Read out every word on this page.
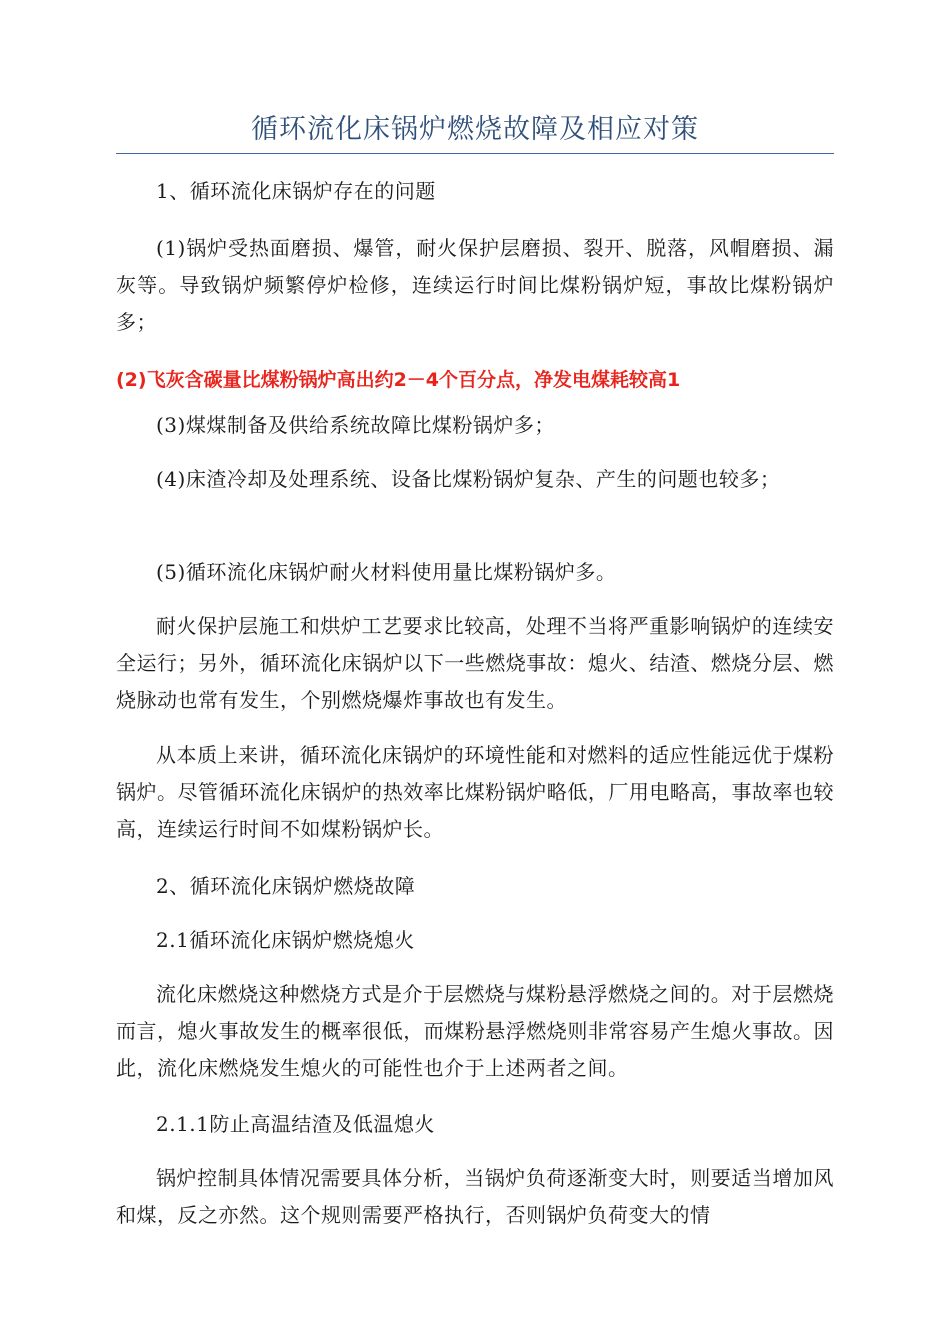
循环流化床锅炉燃烧故障及相应对策
1、循环流化床锅炉存在的问题
(1)锅炉受热面磨损、爆管，耐火保护层磨损、裂开、脱落，风帽磨损、漏灰等。导致锅炉频繁停炉检修，连续运行时间比煤粉锅炉短，事故比煤粉锅炉多；
(2)飞灰含碳量比煤粉锅炉高出约2－4个百分点，净发电煤耗较高1
(3)煤煤制备及供给系统故障比煤粉锅炉多；
(4)床渣冷却及处理系统、设备比煤粉锅炉复杂、产生的问题也较多；
(5)循环流化床锅炉耐火材料使用量比煤粉锅炉多。
耐火保护层施工和烘炉工艺要求比较高，处理不当将严重影响锅炉的连续安全运行；另外，循环流化床锅炉以下一些燃烧事故：熄火、结渣、燃烧分层、燃烧脉动也常有发生，个别燃烧爆炸事故也有发生。
从本质上来讲，循环流化床锅炉的环境性能和对燃料的适应性能远优于煤粉锅炉。尽管循环流化床锅炉的热效率比煤粉锅炉略低，厂用电略高，事故率也较高，连续运行时间不如煤粉锅炉长。
2、循环流化床锅炉燃烧故障
2.1循环流化床锅炉燃烧熄火
流化床燃烧这种燃烧方式是介于层燃烧与煤粉悬浮燃烧之间的。对于层燃烧而言，熄火事故发生的概率很低，而煤粉悬浮燃烧则非常容易产生熄火事故。因此，流化床燃烧发生熄火的可能性也介于上述两者之间。
2.1.1防止高温结渣及低温熄火
锅炉控制具体情况需要具体分析，当锅炉负荷逐渐变大时，则要适当增加风和煤，反之亦然。这个规则需要严格执行，否则锅炉负荷变大的情
